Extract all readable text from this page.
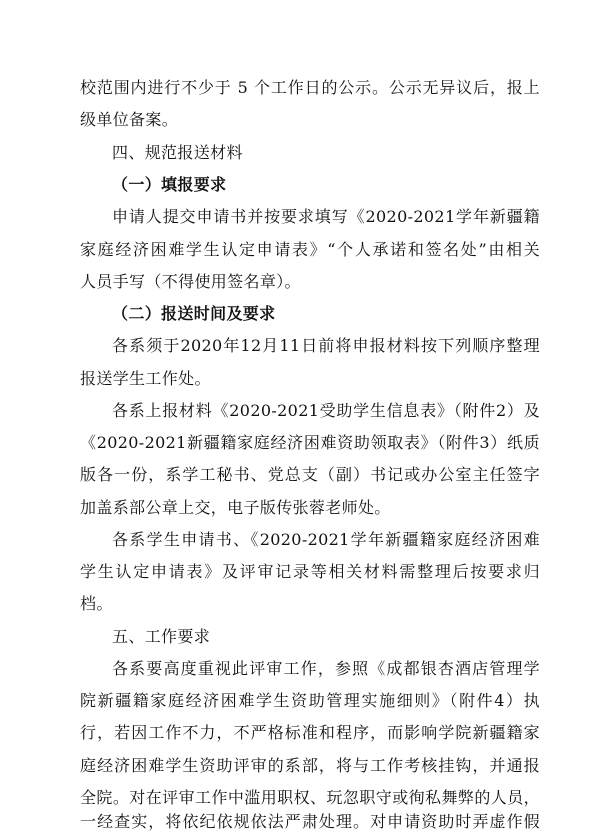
校范围内进行不少于 5 个工作日的公示。公示无异议后，报上
级单位备案。
四、规范报送材料
（一）填报要求
申请人提交申请书并按要求填写《2020-2021学年新疆籍
家庭经济困难学生认定申请表》“个人承诺和签名处”由相关
人员手写（不得使用签名章）。
（二）报送时间及要求
各系须于2020年12月11日前将申报材料按下列顺序整理
报送学生工作处。
各系上报材料《2020-2021受助学生信息表》（附件2）及
《2020-2021新疆籍家庭经济困难资助领取表》（附件3）纸质
版各一份，系学工秘书、党总支（副）书记或办公室主任签字
加盖系部公章上交，电子版传张蓉老师处。
各系学生申请书、《2020-2021学年新疆籍家庭经济困难
学生认定申请表》及评审记录等相关材料需整理后按要求归
档。
五、工作要求
各系要高度重视此评审工作，参照《成都银杏酒店管理学
院新疆籍家庭经济困难学生资助管理实施细则》（附件4）执
行，若因工作不力，不严格标准和程序，而影响学院新疆籍家
庭经济困难学生资助评审的系部，将与工作考核挂钩，并通报
全院。对在评审工作中滥用职权、玩忽职守或徇私舞弊的人员，
一经查实，将依纪依规依法严肃处理。对申请资助时弄虚作假
